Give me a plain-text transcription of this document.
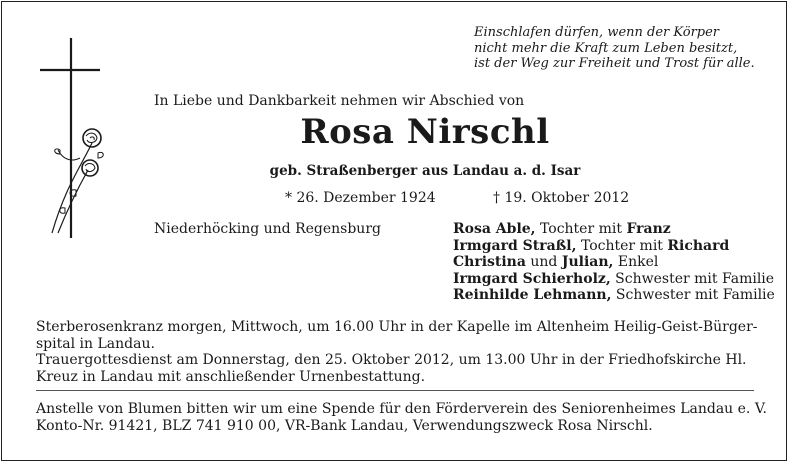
Einschlafen dürfen, wenn der Körper
nicht mehr die Kraft zum Leben besitzt,
ist der Weg zur Freiheit und Trost für alle.
In Liebe und Dankbarkeit nehmen wir Abschied von
Rosa Nirschl
geb. Straßenberger aus Landau a. d. Isar
* 26. Dezember 1924	† 19. Oktober 2012
Niederhöcking und Regensburg	Rosa Able, Tochter mit Franz
Irmgard Straßl, Tochter mit Richard
Christina und Julian, Enkel
Irmgard Schierholz, Schwester mit Familie
Reinhilde Lehmann, Schwester mit Familie
Sterberosenkranz morgen, Mittwoch, um 16.00 Uhr in der Kapelle im Altenheim Heilig-Geist-Bürger-
spital in Landau.
Trauergottesdienst am Donnerstag, den 25. Oktober 2012, um 13.00 Uhr in der Friedhofskirche Hl.
Kreuz in Landau mit anschließender Urnenbestattung.
Anstelle von Blumen bitten wir um eine Spende für den Förderverein des Seniorenheimes Landau e. V.
Konto-Nr. 91421, BLZ 741 910 00, VR-Bank Landau, Verwendungszweck Rosa Nirschl.
